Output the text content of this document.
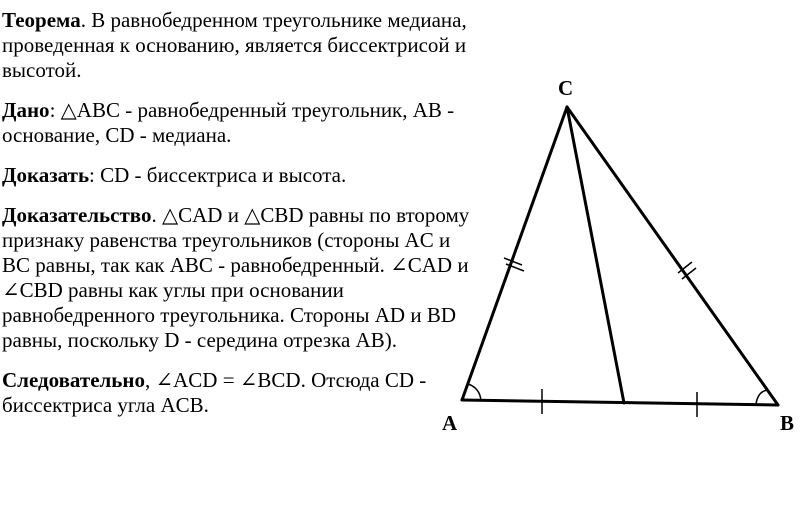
Теорема. В равнобедренном треугольнике медиана, проведенная к основанию, является биссектрисой и высотой.

Дано: △ABC - равнобедренный треугольник, AB - основание, CD - медиана.

Доказать: CD - биссектриса и высота.

Доказательство. △CAD и △CBD равны по второму признаку равенства треугольников (стороны AC и BC равны, так как ABC - равнобедренный. ∠CAD и ∠CBD равны как углы при основании равнобедренного треугольника. Стороны AD и BD равны, поскольку D - середина отрезка AB).

Следовательно, ∠ACD = ∠BCD. Отсюда CD - биссектриса угла ACB.

C
A	B
